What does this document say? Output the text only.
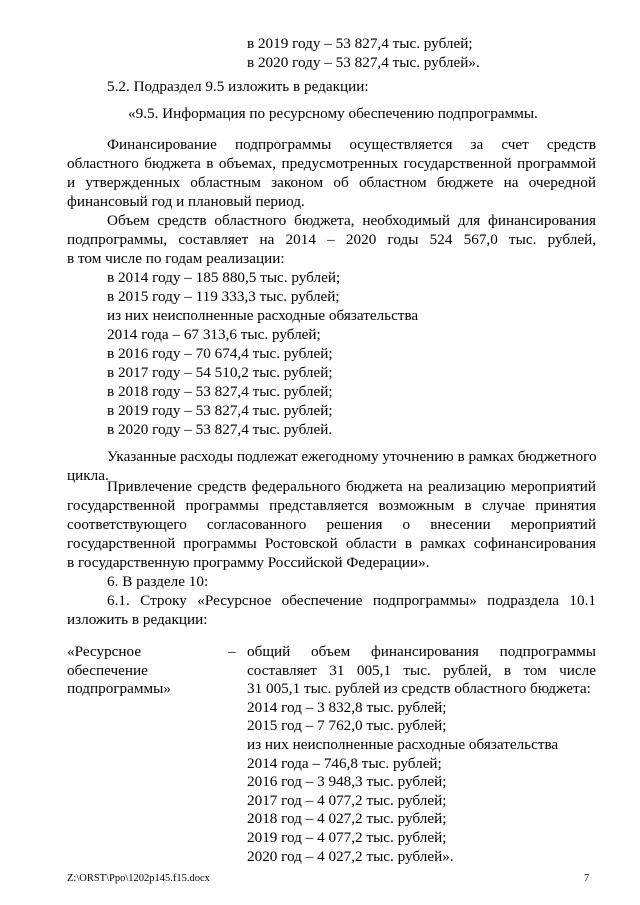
в 2019 году – 53 827,4 тыс. рублей;
в 2020 году – 53 827,4 тыс. рублей».
5.2. Подраздел 9.5 изложить в редакции:
«9.5. Информация по ресурсному обеспечению подпрограммы.
Финансирование подпрограммы осуществляется за счет средств
областного бюджета в объемах, предусмотренных государственной программой
и утвержденных областным законом об областном бюджете на очередной
финансовый год и плановый период.
Объем средств областного бюджета, необходимый для финансирования
подпрограммы, составляет на 2014 – 2020 годы 524 567,0 тыс. рублей,
в том числе по годам реализации:
в 2014 году – 185 880,5 тыс. рублей;
в 2015 году – 119 333,3 тыс. рублей;
из них неисполненные расходные обязательства
2014 года – 67 313,6 тыс. рублей;
в 2016 году – 70 674,4 тыс. рублей;
в 2017 году – 54 510,2 тыс. рублей;
в 2018 году – 53 827,4 тыс. рублей;
в 2019 году – 53 827,4 тыс. рублей;
в 2020 году – 53 827,4 тыс. рублей.
Указанные расходы подлежат ежегодному уточнению в рамках бюджетного
цикла.
Привлечение средств федерального бюджета на реализацию мероприятий
государственной программы представляется возможным в случае принятия
соответствующего согласованного решения о внесении мероприятий
государственной программы Ростовской области в рамках софинансирования
в государственную программу Российской Федерации».
6. В разделе 10:
6.1. Строку «Ресурсное обеспечение подпрограммы» подраздела 10.1
изложить в редакции:
«Ресурсное
обеспечение
подпрограммы»
– общий объем финансирования подпрограммы
составляет 31 005,1 тыс. рублей, в том числе
31 005,1 тыс. рублей из средств областного бюджета:
2014 год – 3 832,8 тыс. рублей;
2015 год – 7 762,0 тыс. рублей;
из них неисполненные расходные обязательства
2014 года – 746,8 тыс. рублей;
2016 год – 3 948,3 тыс. рублей;
2017 год – 4 077,2 тыс. рублей;
2018 год – 4 027,2 тыс. рублей;
2019 год – 4 077,2 тыс. рублей;
2020 год – 4 027,2 тыс. рублей».
Z:\ORST\Ppo\1202p145.f15.docx	7
